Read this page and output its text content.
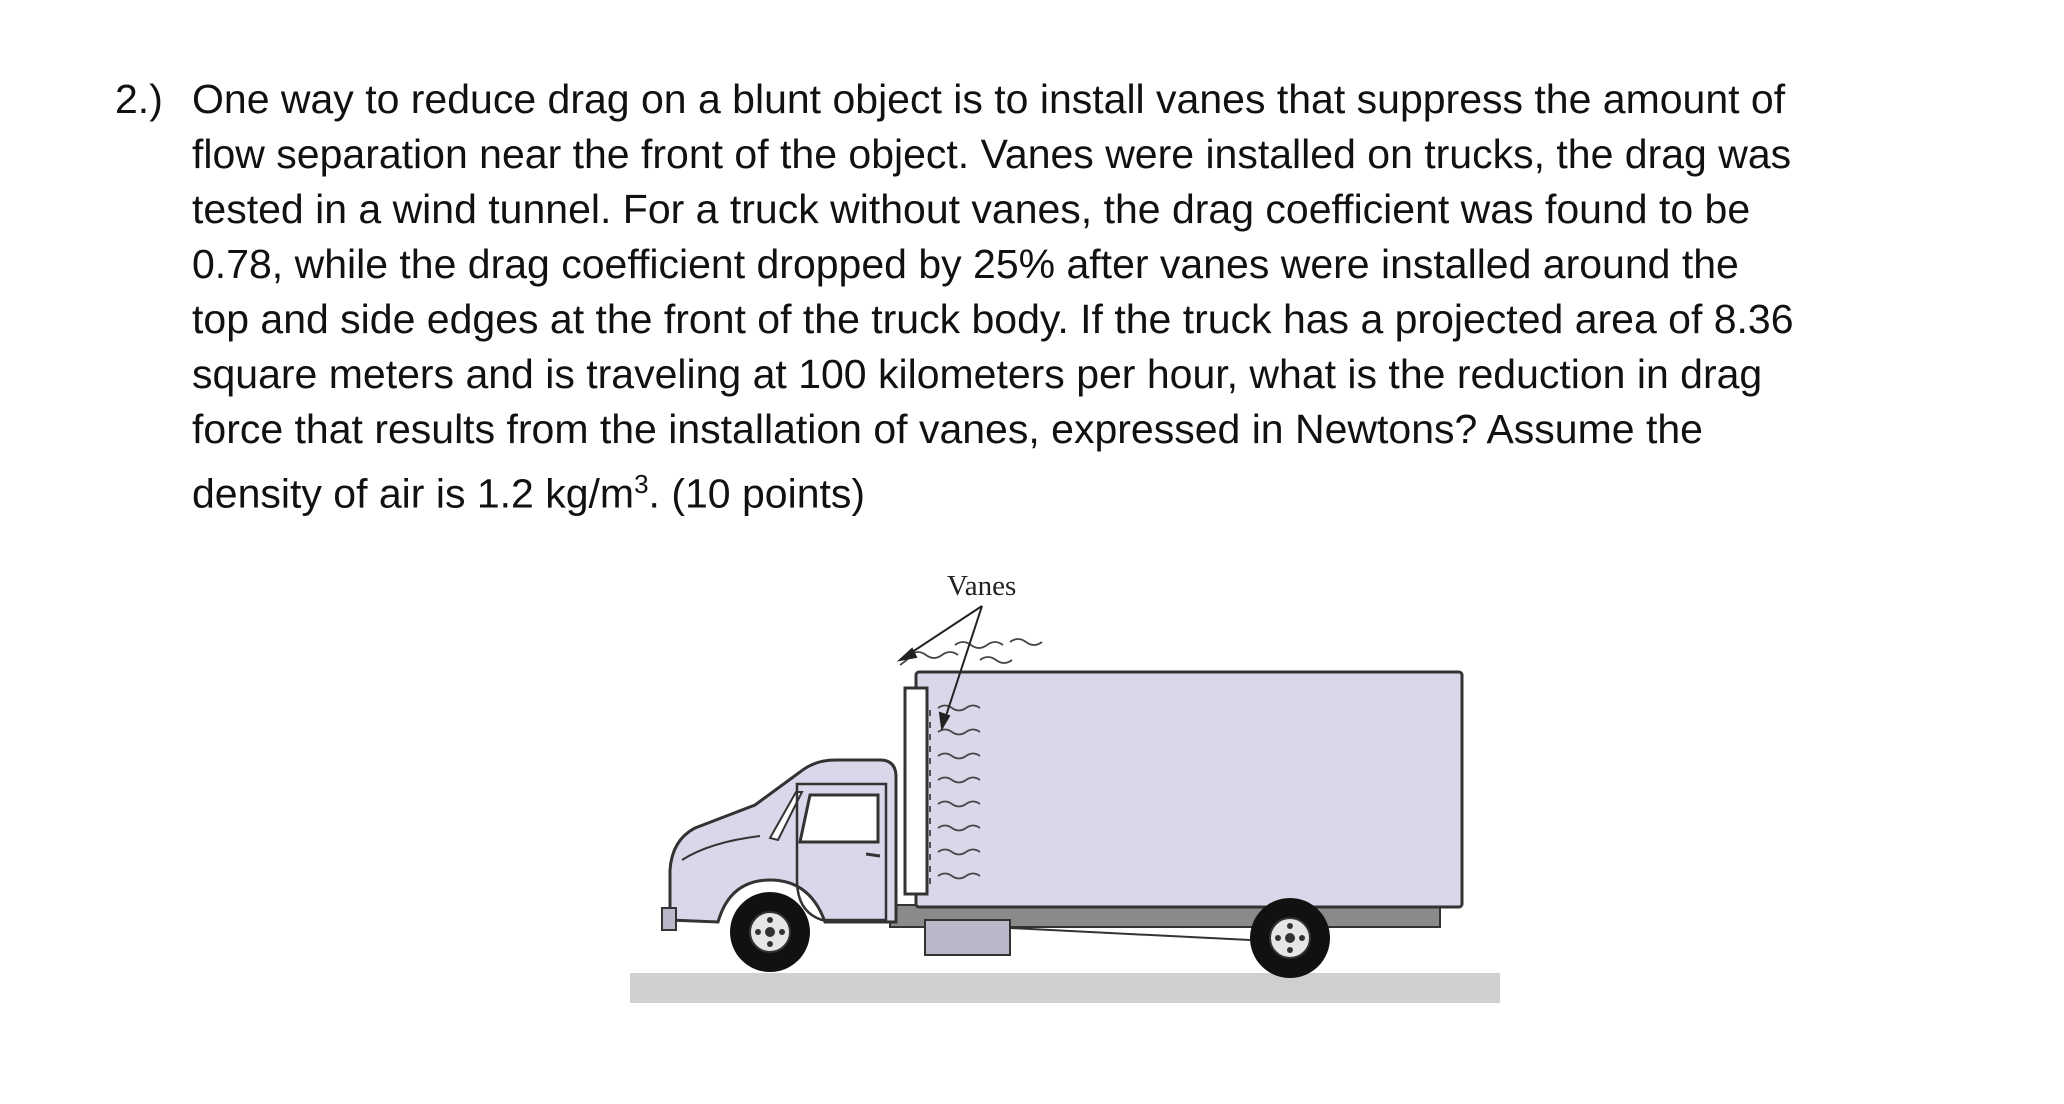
2.) One way to reduce drag on a blunt object is to install vanes that suppress the amount of
flow separation near the front of the object. Vanes were installed on trucks, the drag was
tested in a wind tunnel. For a truck without vanes, the drag coefficient was found to be
0.78, while the drag coefficient dropped by 25% after vanes were installed around the
top and side edges at the front of the truck body. If the truck has a projected area of 8.36
square meters and is traveling at 100 kilometers per hour, what is the reduction in drag
force that results from the installation of vanes, expressed in Newtons? Assume the
density of air is 1.2 $kg/m^3$. (10 points)
Vanes
